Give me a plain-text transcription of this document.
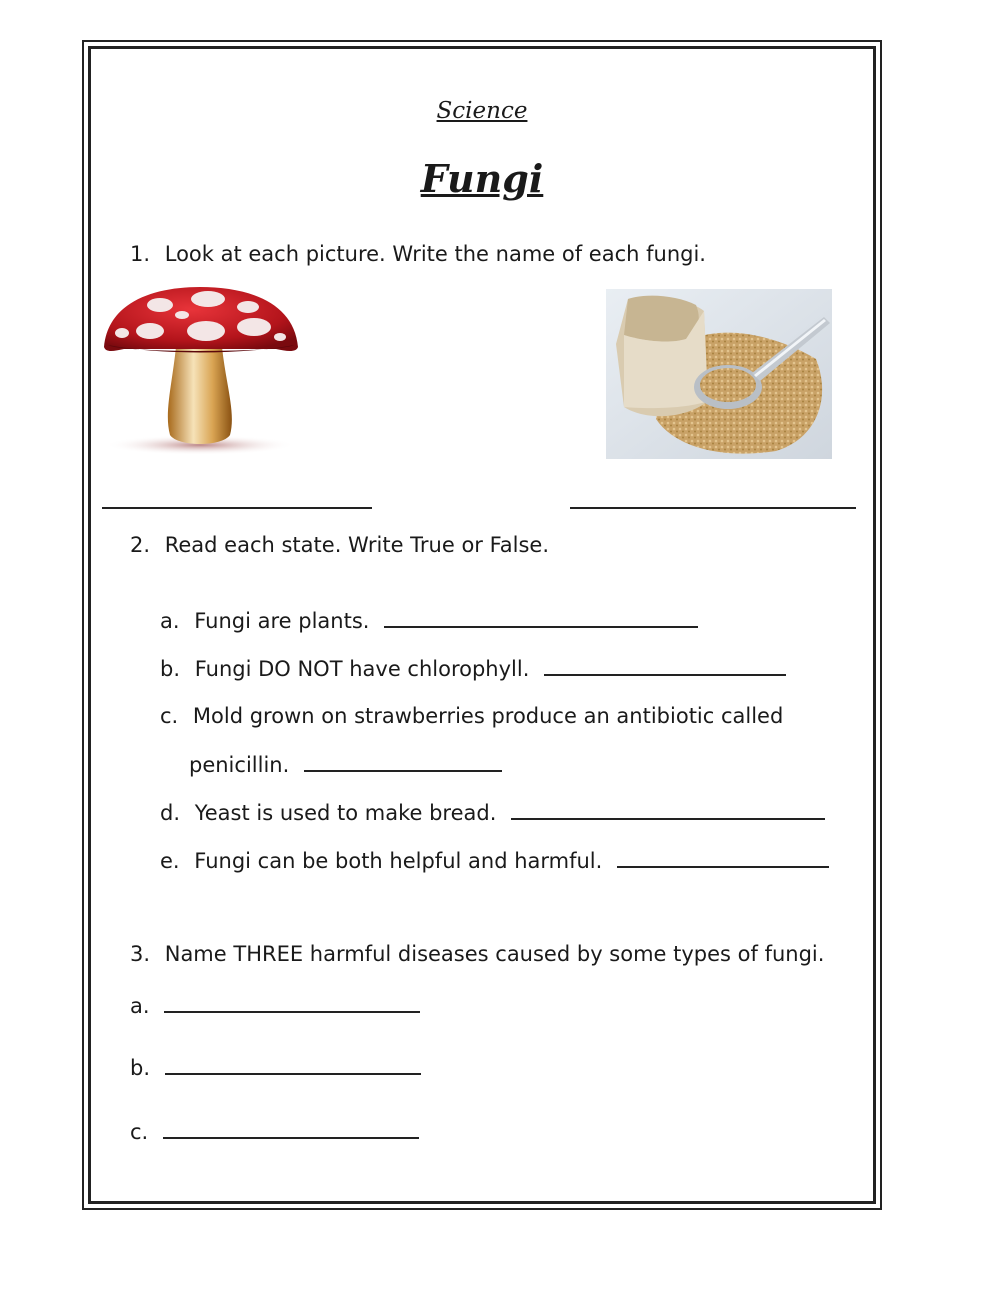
Science
Fungi
1. Look at each picture. Write the name of each fungi.
2. Read each state. Write True or False.
a. Fungi are plants.
b. Fungi DO NOT have chlorophyll.
c. Mold grown on strawberries produce an antibiotic called
penicillin.
d. Yeast is used to make bread.
e. Fungi can be both helpful and harmful.
3. Name THREE harmful diseases caused by some types of fungi.
a.
b.
c.
